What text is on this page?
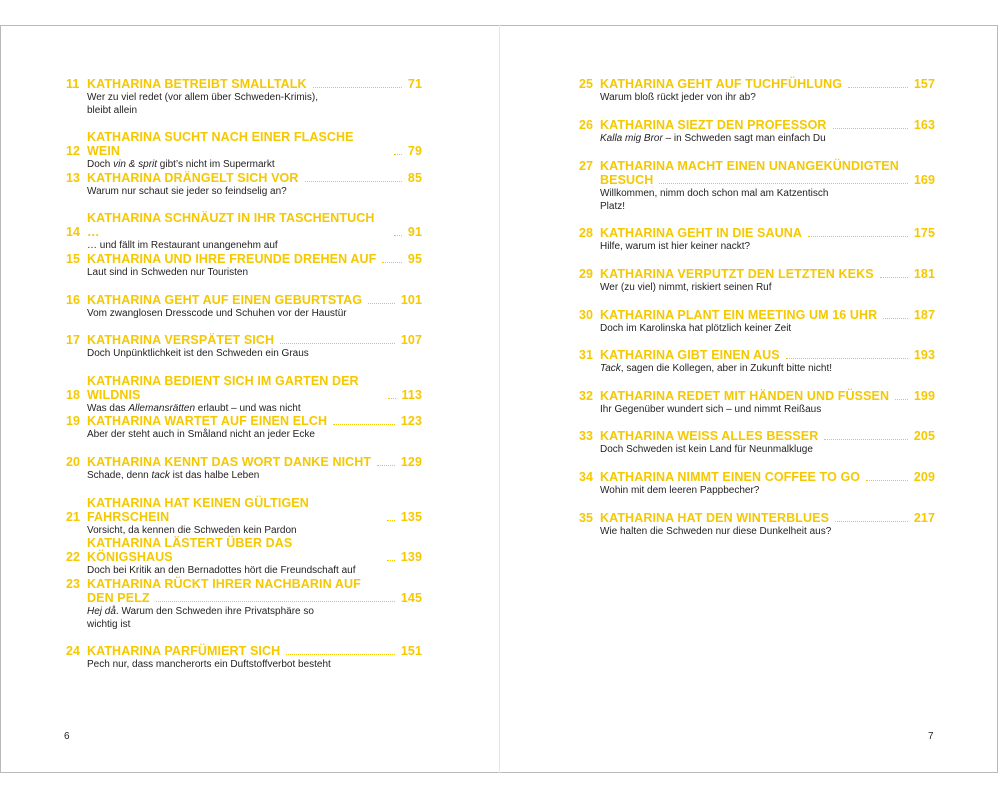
11 KATHARINA BETREIBT SMALLTALK	71
Wer zu viel redet (vor allem über Schweden-Krimis),
bleibt allein
12
KATHARINA SUCHT NACH EINER FLASCHE WEIN	79
Doch vin & sprit gibt’s nicht im Supermarkt
13 KATHARINA DRÄNGELT SICH VOR	85
Warum nur schaut sie jeder so feindselig an?
14
KATHARINA SCHNÄUZT IN IHR TASCHENTUCH …	91
… und fällt im Restaurant unangenehm auf
15 KATHARINA UND IHRE FREUNDE DREHEN AUF	95
Laut sind in Schweden nur Touristen
16 KATHARINA GEHT AUF EINEN GEBURTSTAG	101
Vom zwanglosen Dresscode und Schuhen vor der Haustür
17 KATHARINA VERSPÄTET SICH	107
Doch Unpünktlichkeit ist den Schweden ein Graus
18
KATHARINA BEDIENT SICH IM GARTEN DER WILDNIS	113
Was das Allemansrätten erlaubt – und was nicht
19 KATHARINA WARTET AUF EINEN ELCH	123
Aber der steht auch in Småland nicht an jeder Ecke
20 KATHARINA KENNT DAS WORT DANKE NICHT 129
Schade, denn tack ist das halbe Leben
21
KATHARINA HAT KEINEN GÜLTIGEN FAHRSCHEIN	135
Vorsicht, da kennen die Schweden kein Pardon
22
KATHARINA LÄSTERT ÜBER DAS KÖNIGSHAUS	139
Doch bei Kritik an den Bernadottes hört die Freundschaft auf
23 KATHARINA RÜCKT IHRER NACHBARIN AUF
DEN PELZ	145
Hej då. Warum den Schweden ihre Privatsphäre so
wichtig ist
24 KATHARINA PARFÜMIERT SICH	151
Pech nur, dass mancherorts ein Duftstoffverbot besteht
25 KATHARINA GEHT AUF TUCHFÜHLUNG	157
Warum bloß rückt jeder von ihr ab?
26 KATHARINA SIEZT DEN PROFESSOR	163
Kalla mig Bror – in Schweden sagt man einfach Du
27 KATHARINA MACHT EINEN UNANGEKÜNDIGTEN
BESUCH	169
Willkommen, nimm doch schon mal am Katzentisch
Platz!
28 KATHARINA GEHT IN DIE SAUNA	175
Hilfe, warum ist hier keiner nackt?
29 KATHARINA VERPUTZT DEN LETZTEN KEKS	181
Wer (zu viel) nimmt, riskiert seinen Ruf
30 KATHARINA PLANT EIN MEETING UM 16 UHR	187
Doch im Karolinska hat plötzlich keiner Zeit
31 KATHARINA GIBT EINEN AUS	193
Tack, sagen die Kollegen, aber in Zukunft bitte nicht!
32 KATHARINA REDET MIT HÄNDEN UND FÜSSEN 199
Ihr Gegenüber wundert sich – und nimmt Reißaus
33 KATHARINA WEISS ALLES BESSER	205
Doch Schweden ist kein Land für Neunmalkluge
34 KATHARINA NIMMT EINEN COFFEE TO GO	209
Wohin mit dem leeren Pappbecher?
35 KATHARINA HAT DEN WINTERBLUES	217
Wie halten die Schweden nur diese Dunkelheit aus?
6	7
